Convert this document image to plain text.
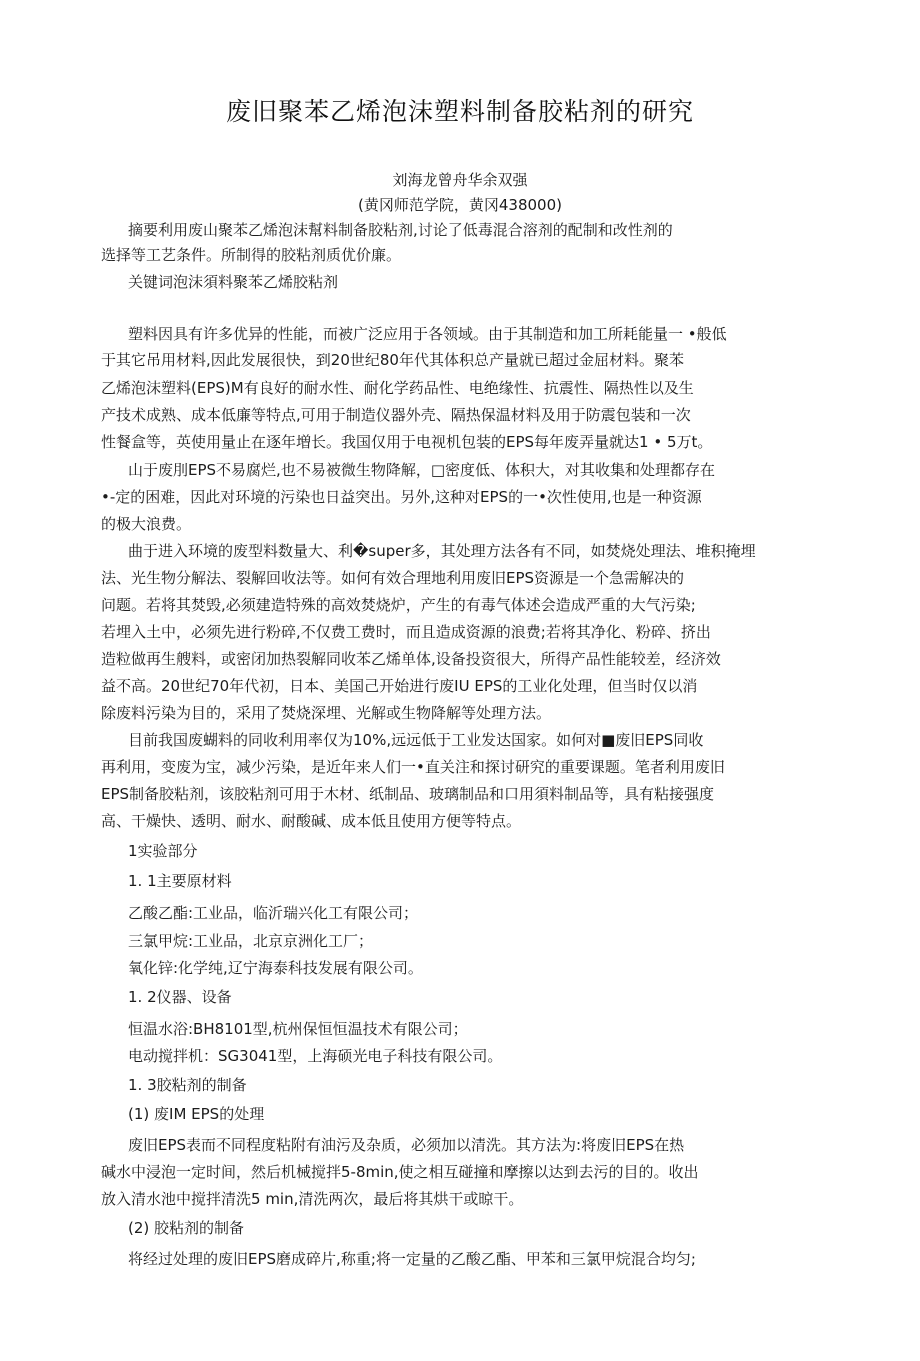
废旧聚苯乙烯泡沫塑料制备胶粘剂的研究
刘海龙曾舟华余双强
(黄冈师范学院，黄冈438000)
摘要利用废山聚苯乙烯泡沫幫料制备胶粘剂,讨论了低毒混合溶剂的配制和改性剂的
选择等工艺条件。所制得的胶粘剂质优价廉。
关键词泡沫須料聚苯乙烯胶粘剂
塑料因具有许多优异的性能，而被广泛应用于各领域。由于其制造和加工所耗能量一 •般低
于其它吊用材料,因此发展很快，到20世纪80年代其体积总产量就已超过金屈材料。聚苯
乙烯泡沫塑料(EPS)M有良好的耐水性、耐化学药品性、电绝缘性、抗震性、隔热性以及生
产技术成熟、成本低廉等特点,可用于制造仪器外壳、隔热保温材料及用于防震包装和一次
性餐盒等，英使用量止在逐年増长。我国仅用于电视机包装的EPS每年废弄量就达1 • 5万t。
山于废刖EPS不易腐烂,也不易被微生物降解，□密度低、体积大，对其收集和处理都存在
•-定的困难，因此对环境的污染也日益突出。另外,这种对EPS的一•次性使用,也是一种资源
的极大浪费。
曲于进入环境的废型料数量大、利�super多，其处理方法各有不同，如焚烧处理法、堆积掩埋
法、光生物分解法、裂解回收法等。如何有效合理地利用废旧EPS资源是一个急需解决的
问题。若将其焚毁,必须建造特殊的高效焚烧炉，产生的有毒气体述会造成严重的大气污染;
若埋入土中，必须先进行粉碎,不仅费工费时，而且造成资源的浪费;若将其净化、粉碎、挤出
造粒做再生艘料，或密闭加热裂解同收苯乙烯单体,设备投资很大，所得产品性能较差，经济效
益不高。20世纪70年代初，日本、美国己开始进行废IU EPS的工业化处理，但当时仅以消
除废料污染为目的，采用了焚烧深埋、光解或生物降解等处理方法。
目前我国废蝴料的同收利用率仅为10%,远远低于工业发达国家。如何对■废旧EPS同收
再利用，变废为宝，减少污染，是近年来人们一•直关注和探讨研究的重要课题。笔者利用废旧
EPS制备胶粘剂，该胶粘剂可用于木材、纸制品、玻璃制品和口用須料制品等，具有粘接强度
高、干燥快、透明、耐水、耐酸碱、成本低且使用方便等特点。
1实验部分
1. 1主要原材料
乙酸乙酯:工业品，临沂瑞兴化工有限公司；
三氯甲烷:工业品，北京京洲化工厂；
氧化锌:化学纯,辽宁海泰科技发展有限公司。
1. 2仪器、设备
恒温水浴:BH8101型,杭州保恒恒温技术有限公司；
电动搅拌机：SG3041型，上海硕光电子科技有限公司。
1. 3胶粘剂的制备
(1) 废IM EPS的处理
废旧EPS表而不同程度粘附有油污及杂质，必须加以清洗。其方法为:将废旧EPS在热
碱水中浸泡一定时间，然后机械搅拌5-8min,使之相互碰撞和摩擦以达到去污的目的。收出
放入清水池中搅拌清洗5 min,清洗两次，最后将其烘干或晾干。
(2) 胶粘剂的制备
将经过处理的废旧EPS磨成碎片,称重;将一定量的乙酸乙酯、甲苯和三氯甲烷混合均匀;
